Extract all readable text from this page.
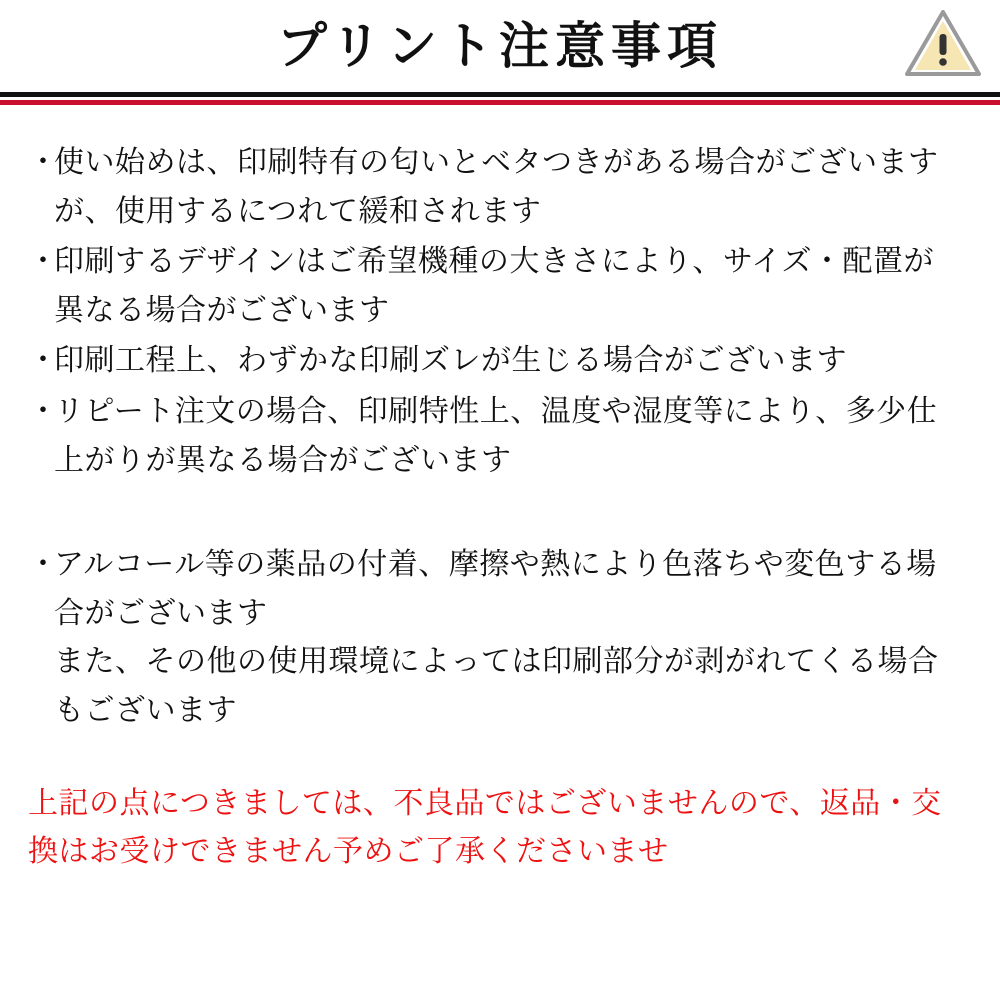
プリント注意事項
・
使い始めは、印刷特有の匂いとベタつきがある場合がございます
が、使用するにつれて緩和されます
・
印刷するデザインはご希望機種の大きさにより、サイズ・配置が
異なる場合がございます
・
印刷工程上、わずかな印刷ズレが生じる場合がございます
・
リピート注文の場合、印刷特性上、温度や湿度等により、多少仕
上がりが異なる場合がございます
・
アルコール等の薬品の付着、摩擦や熱により色落ちや変色する場
合がございます
また、その他の使用環境によっては印刷部分が剥がれてくる場合
もございます
上記の点につきましては、不良品ではございませんので、返品・交
換はお受けできません予めご了承くださいませ
